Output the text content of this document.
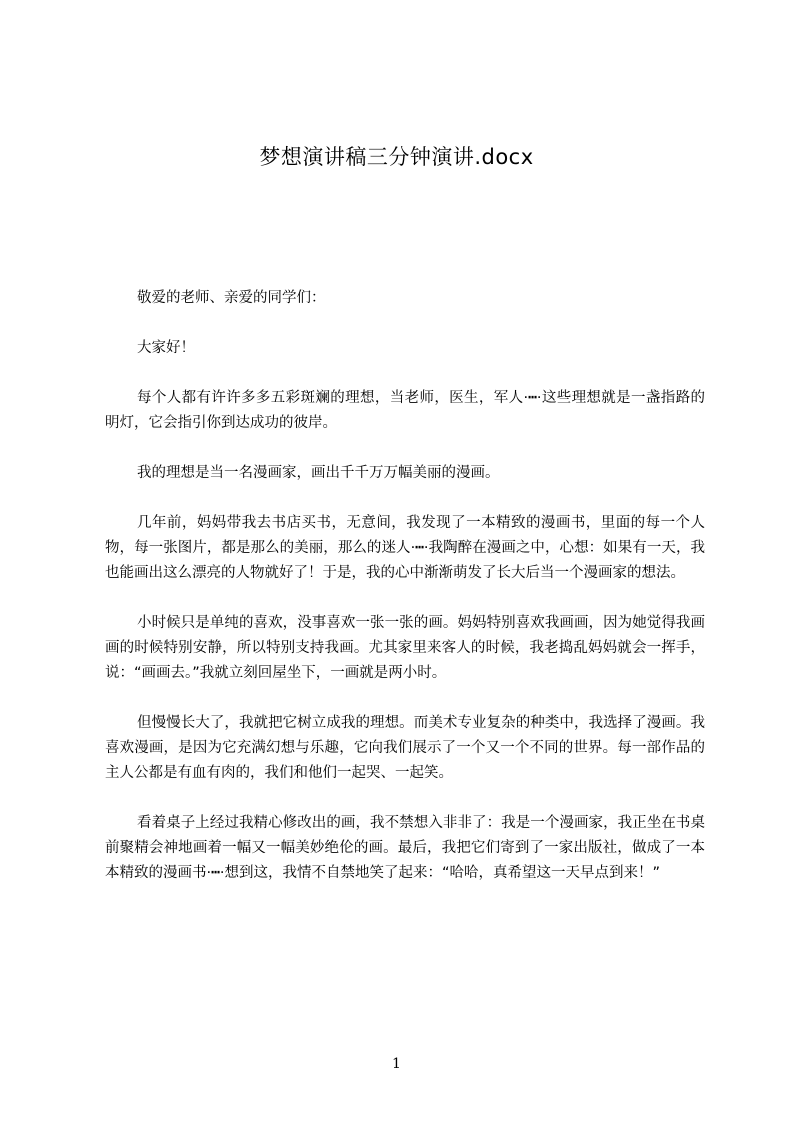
梦想演讲稿三分钟演讲.docx

敬爱的老师、亲爱的同学们：

大家好！

每个人都有许许多多五彩斑斓的理想，当老师，医生，军人·┅·这些理想就是一盏指路的明灯，它会指引你到达成功的彼岸。

我的理想是当一名漫画家，画出千千万万幅美丽的漫画。

几年前，妈妈带我去书店买书，无意间，我发现了一本精致的漫画书，里面的每一个人物，每一张图片，都是那么的美丽，那么的迷人·┅·我陶醉在漫画之中，心想：如果有一天，我也能画出这么漂亮的人物就好了！于是，我的心中渐渐萌发了长大后当一个漫画家的想法。

小时候只是单纯的喜欢，没事喜欢一张一张的画。妈妈特别喜欢我画画，因为她觉得我画画的时候特别安静，所以特别支持我画。尤其家里来客人的时候，我老捣乱妈妈就会一挥手，说：“画画去。”我就立刻回屋坐下，一画就是两小时。

但慢慢长大了，我就把它树立成我的理想。而美术专业复杂的种类中，我选择了漫画。我喜欢漫画，是因为它充满幻想与乐趣，它向我们展示了一个又一个不同的世界。每一部作品的主人公都是有血有肉的，我们和他们一起哭、一起笑。

看着桌子上经过我精心修改出的画，我不禁想入非非了：我是一个漫画家，我正坐在书桌前聚精会神地画着一幅又一幅美妙绝伦的画。最后，我把它们寄到了一家出版社，做成了一本本精致的漫画书·┅·想到这，我情不自禁地笑了起来：“哈哈，真希望这一天早点到来！”

1
